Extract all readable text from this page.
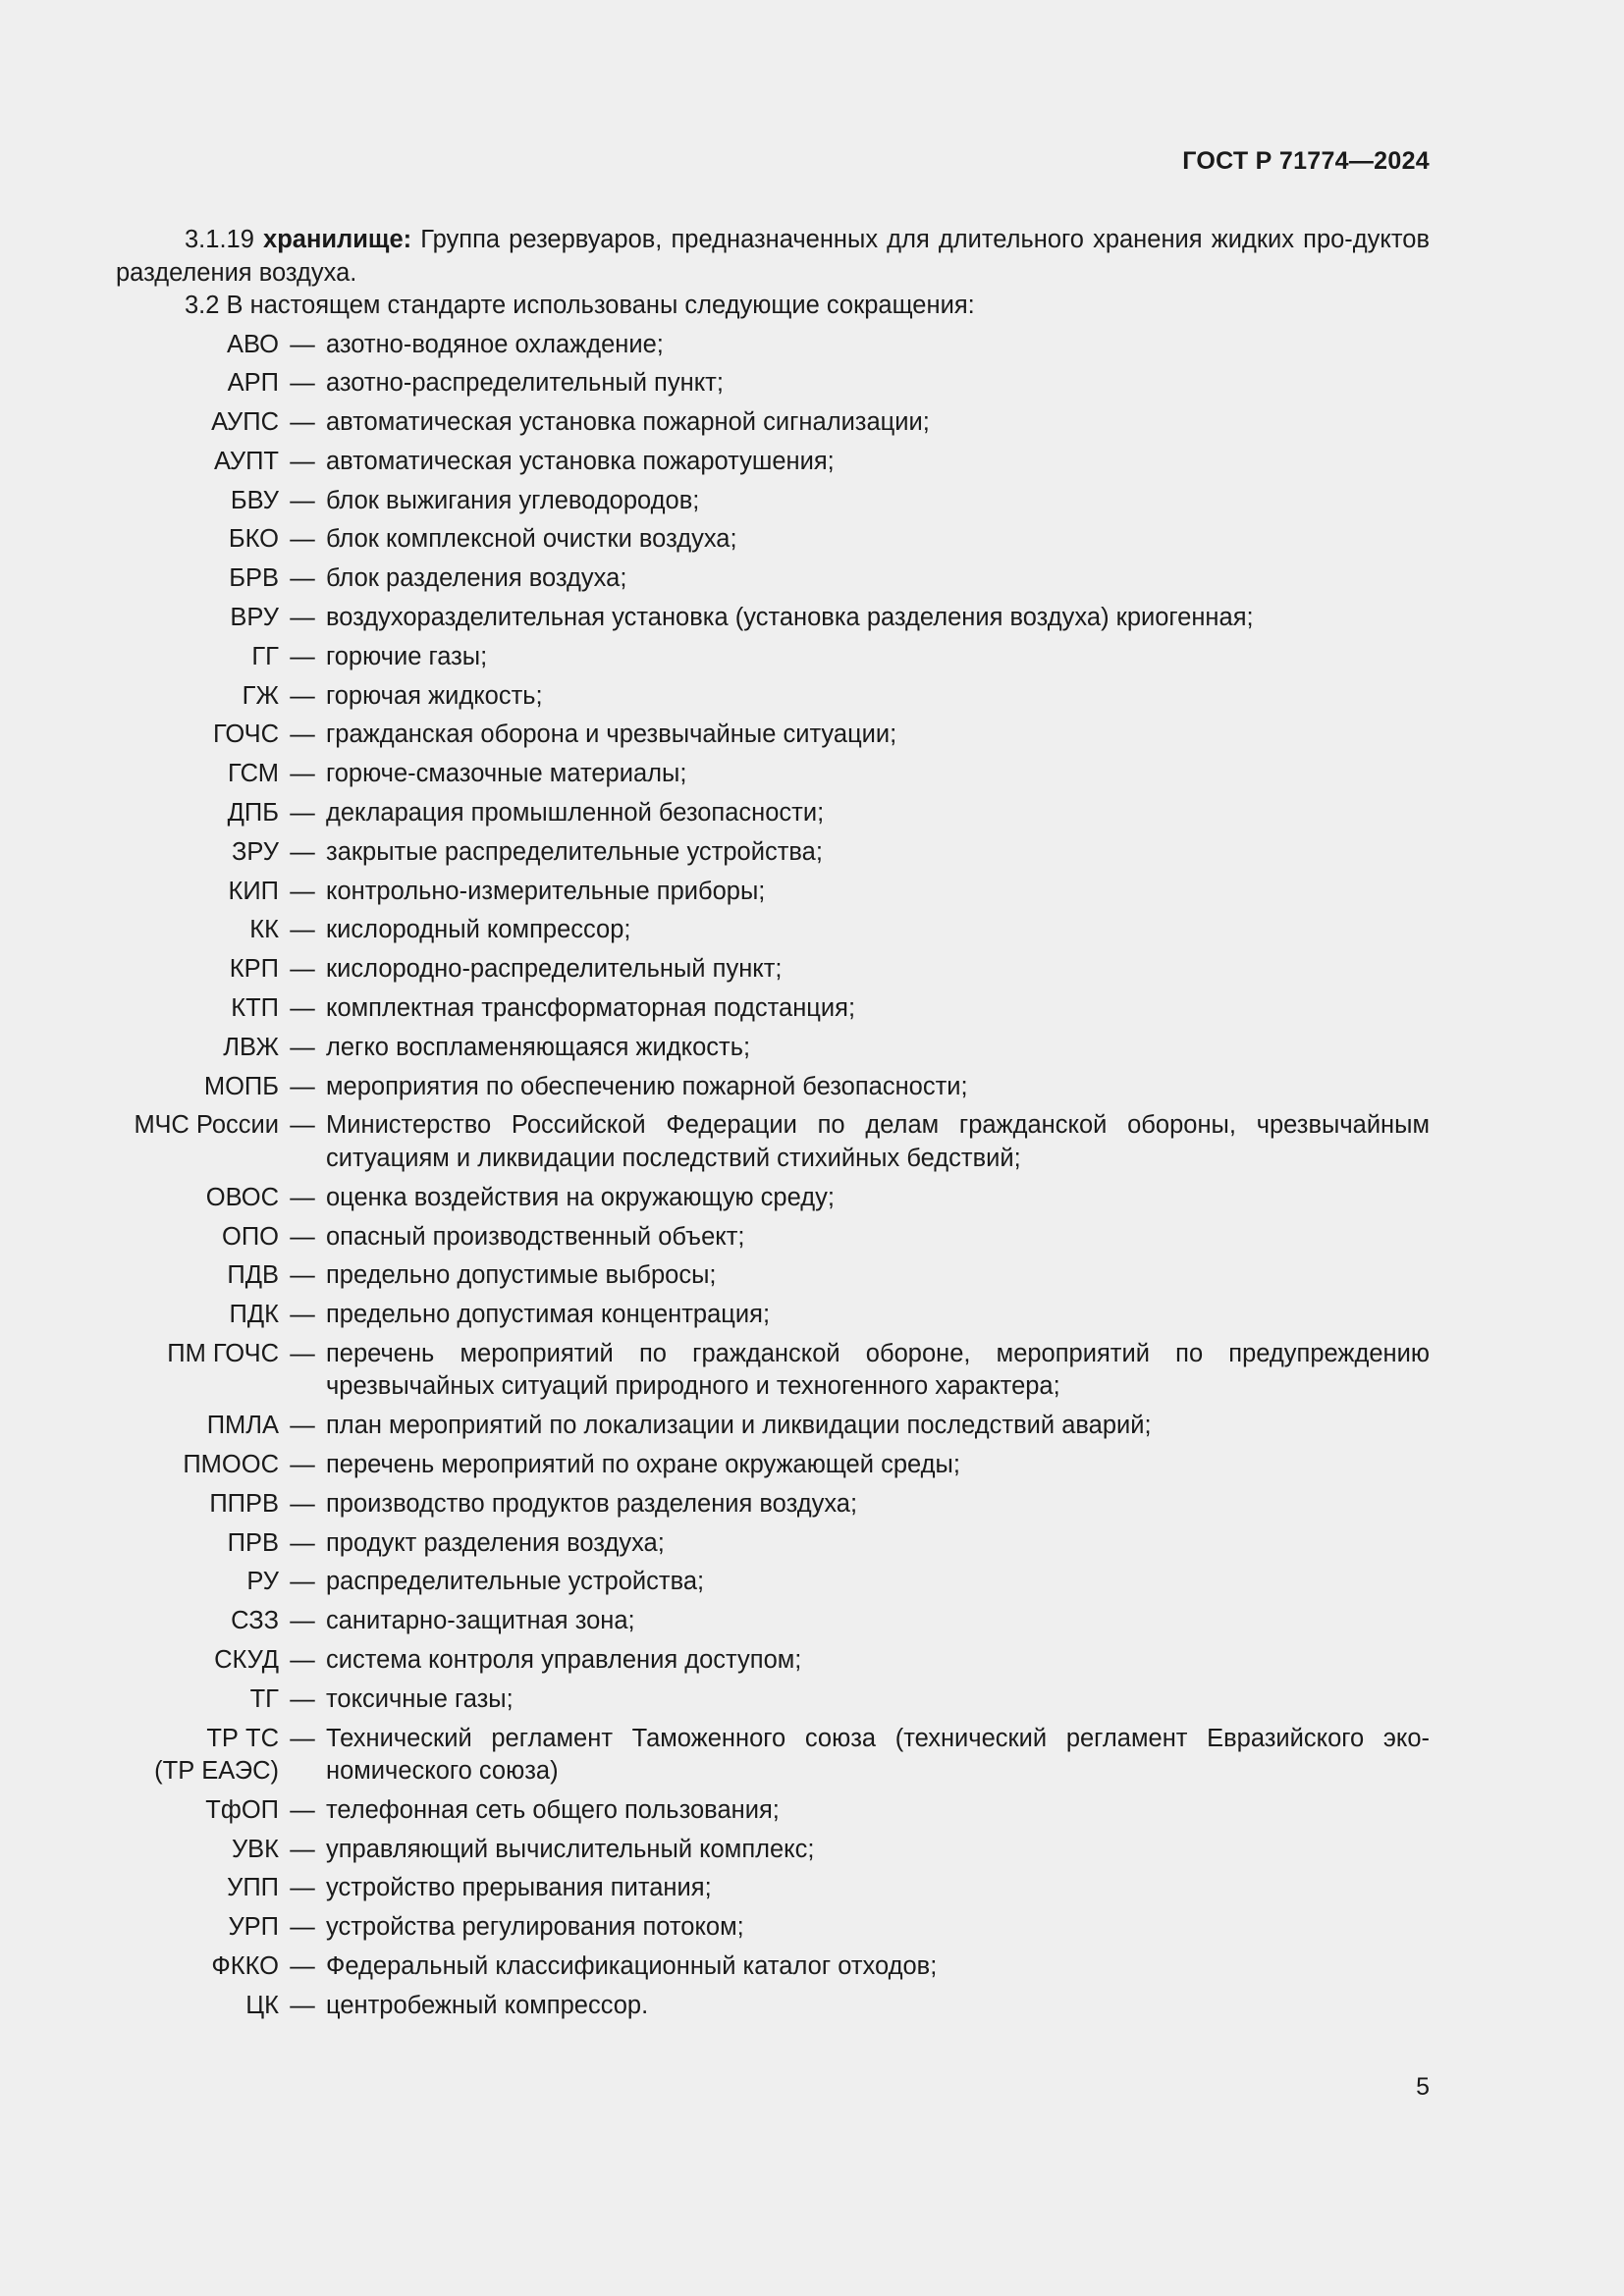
ГОСТ Р 71774—2024

3.1.19 хранилище: Группа резервуаров, предназначенных для длительного хранения жидких про-дуктов разделения воздуха.

3.2 В настоящем стандарте использованы следующие сокращения:

АВО — азотно-водяное охлаждение;
АРП — азотно-распределительный пункт;
АУПС — автоматическая установка пожарной сигнализации;
АУПТ — автоматическая установка пожаротушения;
БВУ — блок выжигания углеводородов;
БКО — блок комплексной очистки воздуха;
БРВ — блок разделения воздуха;
ВРУ — воздухоразделительная установка (установка разделения воздуха) криогенная;
ГГ — горючие газы;
ГЖ — горючая жидкость;
ГОЧС — гражданская оборона и чрезвычайные ситуации;
ГСМ — горюче-смазочные материалы;
ДПБ — декларация промышленной безопасности;
ЗРУ — закрытые распределительные устройства;
КИП — контрольно-измерительные приборы;
КК — кислородный компрессор;
КРП — кислородно-распределительный пункт;
КТП — комплектная трансформаторная подстанция;
ЛВЖ — легко воспламеняющаяся жидкость;
МОПБ — мероприятия по обеспечению пожарной безопасности;
МЧС России — Министерство Российской Федерации по делам гражданской обороны, чрезвычайным ситуациям и ликвидации последствий стихийных бедствий;
ОВОС — оценка воздействия на окружающую среду;
ОПО — опасный производственный объект;
ПДВ — предельно допустимые выбросы;
ПДК — предельно допустимая концентрация;
ПМ ГОЧС — перечень мероприятий по гражданской обороне, мероприятий по предупреждению чрезвычайных ситуаций природного и техногенного характера;
ПМЛА — план мероприятий по локализации и ликвидации последствий аварий;
ПМООС — перечень мероприятий по охране окружающей среды;
ППРВ — производство продуктов разделения воздуха;
ПРВ — продукт разделения воздуха;
РУ — распределительные устройства;
СЗЗ — санитарно-защитная зона;
СКУД — система контроля управления доступом;
ТГ — токсичные газы;
ТР ТС
(ТР ЕАЭС)
— Технический регламент Таможенного союза (технический регламент Евразийского эко-номического союза)
ТфОП — телефонная сеть общего пользования;
УВК — управляющий вычислительный комплекс;
УПП — устройство прерывания питания;
УРП — устройства регулирования потоком;
ФККО — Федеральный классификационный каталог отходов;
ЦК — центробежный компрессор.
5
